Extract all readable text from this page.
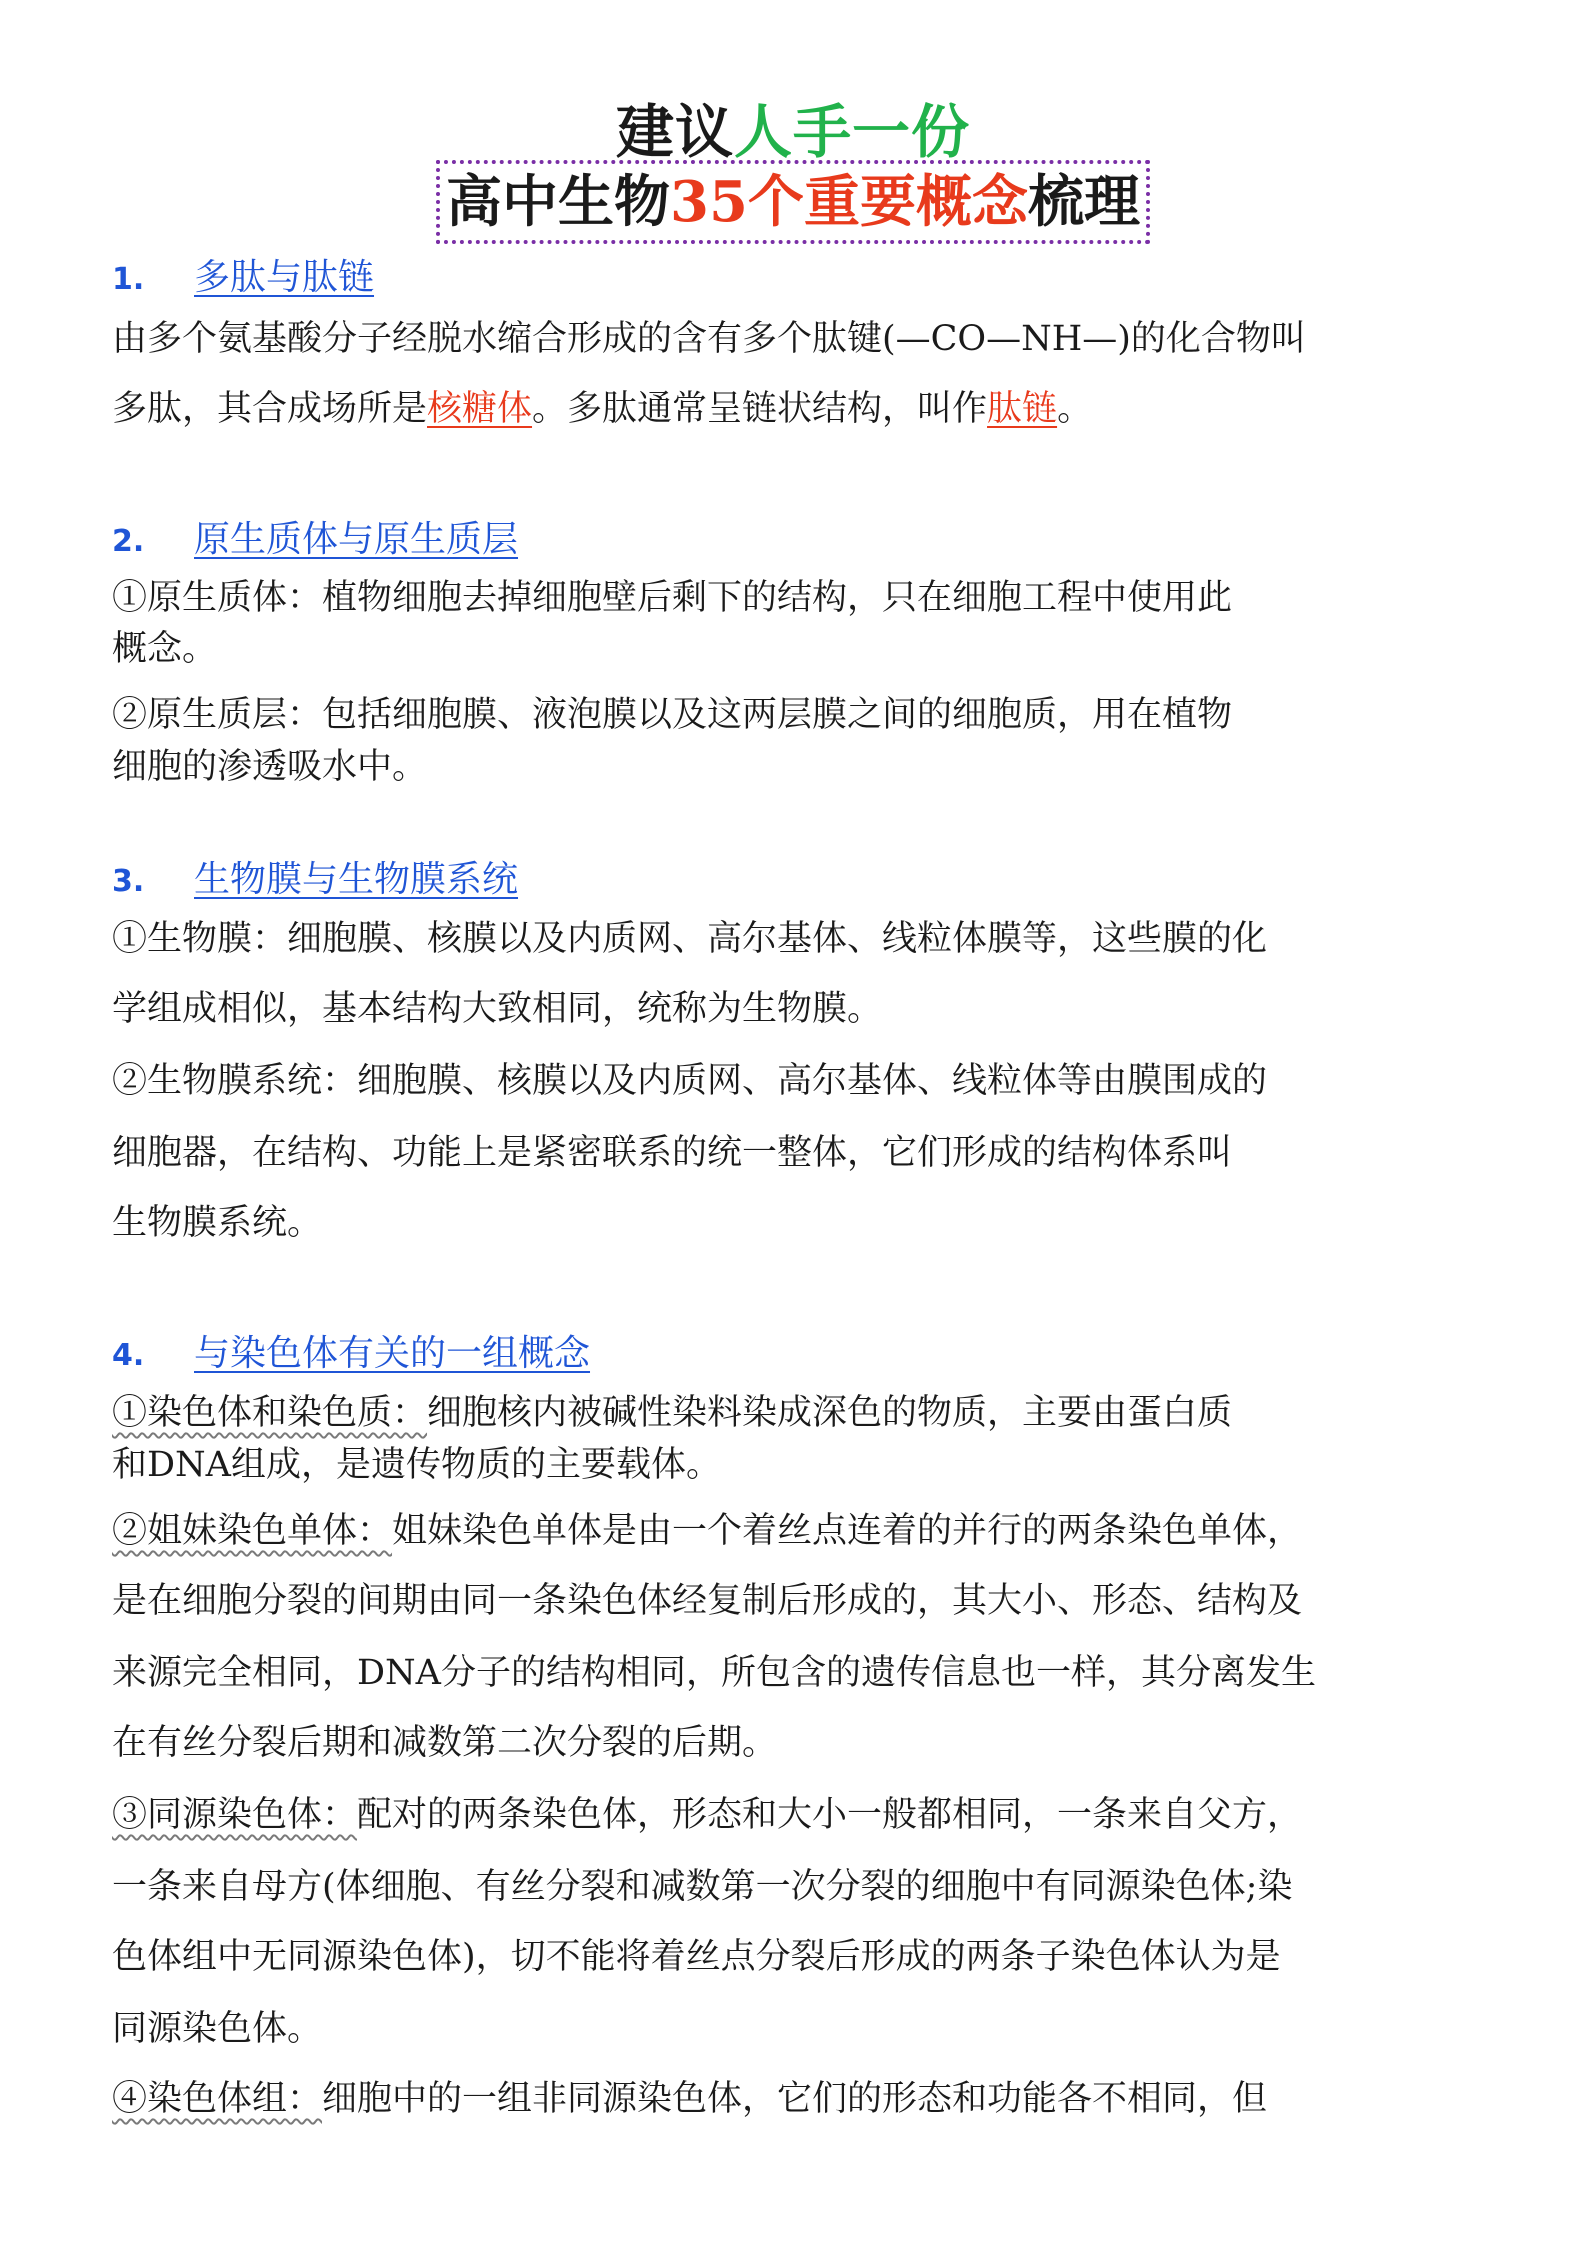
建议人手一份
高中生物35个重要概念梳理
1. 多肽与肽链
由多个氨基酸分子经脱水缩合形成的含有多个肽键(—CO—NH—)的化合物叫
多肽，其合成场所是核糖体。多肽通常呈链状结构，叫作肽链。
2. 原生质体与原生质层
①原生质体：植物细胞去掉细胞壁后剩下的结构，只在细胞工程中使用此
概念。
②原生质层：包括细胞膜、液泡膜以及这两层膜之间的细胞质，用在植物
细胞的渗透吸水中。
3. 生物膜与生物膜系统
①生物膜：细胞膜、核膜以及内质网、高尔基体、线粒体膜等，这些膜的化
学组成相似，基本结构大致相同，统称为生物膜。
②生物膜系统：细胞膜、核膜以及内质网、高尔基体、线粒体等由膜围成的
细胞器，在结构、功能上是紧密联系的统一整体，它们形成的结构体系叫
生物膜系统。
4. 与染色体有关的一组概念
①染色体和染色质：细胞核内被碱性染料染成深色的物质，主要由蛋白质
和DNA组成，是遗传物质的主要载体。
②姐妹染色单体：姐妹染色单体是由一个着丝点连着的并行的两条染色单体，
是在细胞分裂的间期由同一条染色体经复制后形成的，其大小、形态、结构及
来源完全相同，DNA分子的结构相同，所包含的遗传信息也一样，其分离发生
在有丝分裂后期和减数第二次分裂的后期。
③同源染色体：配对的两条染色体，形态和大小一般都相同，一条来自父方，
一条来自母方(体细胞、有丝分裂和减数第一次分裂的细胞中有同源染色体;染
色体组中无同源染色体)，切不能将着丝点分裂后形成的两条子染色体认为是
同源染色体。
④染色体组：细胞中的一组非同源染色体，它们的形态和功能各不相同，但
